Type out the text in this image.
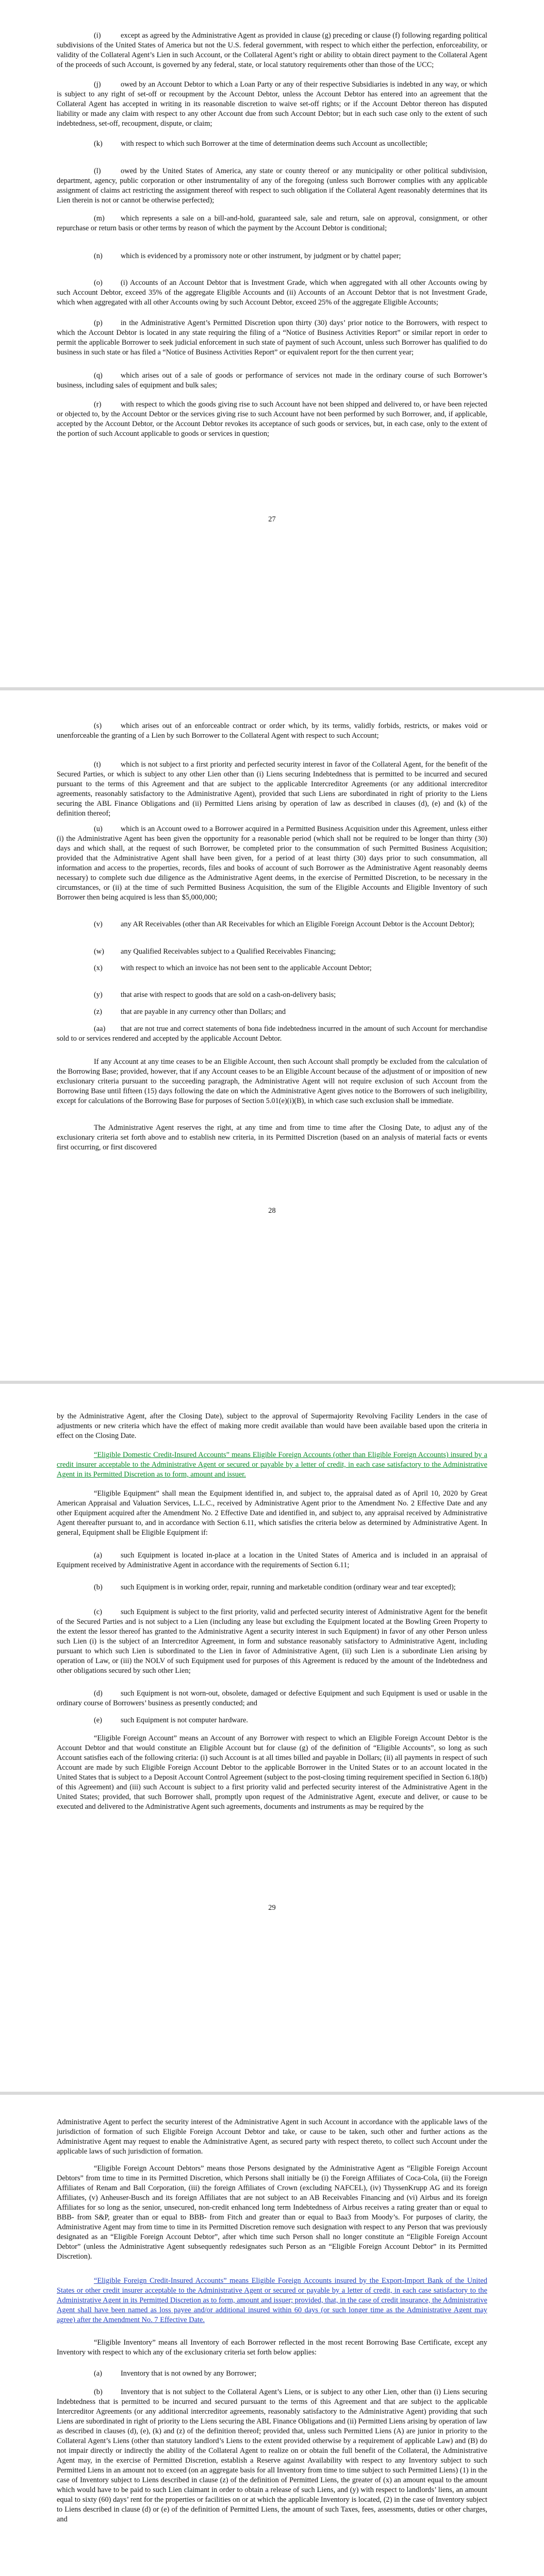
(i)	except as agreed by the Administrative Agent as provided in clause (g) preceding or clause (f) following regarding political subdivisions of the United States of America but not the U.S. federal government, with respect to which either the perfection, enforceability, or validity of the Collateral Agent’s Lien in such Account, or the Collateral Agent’s right or ability to obtain direct payment to the Collateral Agent of the proceeds of such Account, is governed by any federal, state, or local statutory requirements other than those of the UCC;

(j)	owed by an Account Debtor to which a Loan Party or any of their respective Subsidiaries is indebted in any way, or which is subject to any right of set-off or recoupment by the Account Debtor, unless the Account Debtor has entered into an agreement that the Collateral Agent has accepted in writing in its reasonable discretion to waive set-off rights; or if the Account Debtor thereon has disputed liability or made any claim with respect to any other Account due from such Account Debtor; but in each such case only to the extent of such indebtedness, set-off, recoupment, dispute, or claim;

(k) with respect to which such Borrower at the time of determination deems such Account as uncollectible;

(l)	owed by the United States of America, any state or county thereof or any municipality or other political subdivision, department, agency, public corporation or other instrumentality of any of the foregoing (unless such Borrower complies with any applicable assignment of claims act restricting the assignment thereof with respect to such obligation if the Collateral Agent reasonably determines that its Lien therein is not or cannot be otherwise perfected);

(m) which represents a sale on a bill-and-hold, guaranteed sale, sale and return, sale on approval, consignment, or other repurchase or return basis or other terms by reason of which the payment by the Account Debtor is conditional;

(n) which is evidenced by a promissory note or other instrument, by judgment or by chattel paper;

(o) (i) Accounts of an Account Debtor that is Investment Grade, which when aggregated with all other Accounts owing by such Account Debtor, exceed 35% of the aggregate Eligible Accounts and (ii) Accounts of an Account Debtor that is not Investment Grade, which when aggregated with all other Accounts owing by such Account Debtor, exceed 25% of the aggregate Eligible Accounts;

(p) in the Administrative Agent’s Permitted Discretion upon thirty (30) days’ prior notice to the Borrowers, with respect to which the Account Debtor is located in any state requiring the filing of a “Notice of Business Activities Report” or similar report in order to permit the applicable Borrower to seek judicial enforcement in such state of payment of such Account, unless such Borrower has qualified to do business in such state or has filed a “Notice of Business Activities Report” or equivalent report for the then current year;

(q) which arises out of a sale of goods or performance of services not made in the ordinary course of such Borrower’s business, including sales of equipment and bulk sales;

(r)	with respect to which the goods giving rise to such Account have not been shipped and delivered to, or have been rejected or objected to, by the Account Debtor or the services giving rise to such Account have not been performed by such Borrower, and, if applicable, accepted by the Account Debtor, or the Account Debtor revokes its acceptance of such goods or services, but, in each case, only to the extent of the portion of such Account applicable to goods or services in question;

27

(s)	which arises out of an enforceable contract or order which, by its terms, validly forbids, restricts, or makes void or unenforceable the granting of a Lien by such Borrower to the Collateral Agent with respect to such Account;

(t)	which is not subject to a first priority and perfected security interest in favor of the Collateral Agent, for the benefit of the Secured Parties, or which is subject to any other Lien other than (i) Liens securing Indebtedness that is permitted to be incurred and secured pursuant to the terms of this Agreement and that are subject to the applicable Intercreditor Agreements (or any additional intercreditor agreements, reasonably satisfactory to the Administrative Agent), provided that such Liens are subordinated in right of priority to the Liens securing the ABL Finance Obligations and (ii) Permitted Liens arising by operation of law as described in clauses (d), (e) and (k) of the definition thereof;

(u) which is an Account owed to a Borrower acquired in a Permitted Business Acquisition under this Agreement, unless either (i) the Administrative Agent has been given the opportunity for a reasonable period (which shall not be required to be longer than thirty (30) days and which shall, at the request of such Borrower, be completed prior to the consummation of such Permitted Business Acquisition; provided that the Administrative Agent shall have been given, for a period of at least thirty (30) days prior to such consummation, all information and access to the properties, records, files and books of account of such Borrower as the Administrative Agent reasonably deems necessary) to complete such due diligence as the Administrative Agent deems, in the exercise of Permitted Discretion, to be necessary in the circumstances, or (ii) at the time of such Permitted Business Acquisition, the sum of the Eligible Accounts and Eligible Inventory of such Borrower then being acquired is less than $5,000,000;

(v) any AR Receivables (other than AR Receivables for which an Eligible Foreign Account Debtor is the Account Debtor);

(w) any Qualified Receivables subject to a Qualified Receivables Financing;

(x) with respect to which an invoice has not been sent to the applicable Account Debtor;

(y) that arise with respect to goods that are sold on a cash-on-delivery basis;

(z)	that are payable in any currency other than Dollars; and

(aa) that are not true and correct statements of bona fide indebtedness incurred in the amount of such Account for merchandise sold to or services rendered and accepted by the applicable Account Debtor.

If any Account at any time ceases to be an Eligible Account, then such Account shall promptly be excluded from the calculation of the Borrowing Base; provided, however, that if any Account ceases to be an Eligible Account because of the adjustment of or imposition of new exclusionary criteria pursuant to the succeeding paragraph, the Administrative Agent will not require exclusion of such Account from the Borrowing Base until fifteen (15) days following the date on which the Administrative Agent gives notice to the Borrowers of such ineligibility, except for calculations of the Borrowing Base for purposes of Section 5.01(e)(i)(B), in which case such exclusion shall be immediate.

The Administrative Agent reserves the right, at any time and from time to time after the Closing Date, to adjust any of the exclusionary criteria set forth above and to establish new criteria, in its Permitted Discretion (based on an analysis of material facts or events first occurring, or first discovered

28

by the Administrative Agent, after the Closing Date), subject to the approval of Supermajority Revolving Facility Lenders in the case of adjustments or new criteria which have the effect of making more credit available than would have been available based upon the criteria in effect on the Closing Date.

“Eligible Domestic Credit-Insured Accounts” means Eligible Foreign Accounts (other than Eligible Foreign Accounts) insured by a credit insurer acceptable to the Administrative Agent or secured or payable by a letter of credit, in each case satisfactory to the Administrative Agent in its Permitted Discretion as to form, amount and issuer.

“Eligible Equipment” shall mean the Equipment identified in, and subject to, the appraisal dated as of April 10, 2020 by Great American Appraisal and Valuation Services, L.L.C., received by Administrative Agent prior to the Amendment No. 2 Effective Date and any other Equipment acquired after the Amendment No. 2 Effective Date and identified in, and subject to, any appraisal received by Administrative Agent thereafter pursuant to, and in accordance with Section 6.11, which satisfies the criteria below as determined by Administrative Agent. In general, Equipment shall be Eligible Equipment if:

(a)	such Equipment is located in-place at a location in the United States of America and is included in an appraisal of Equipment received by Administrative Agent in accordance with the requirements of Section 6.11;

(b) such Equipment is in working order, repair, running and marketable condition (ordinary wear and tear excepted);

(c)	such Equipment is subject to the first priority, valid and perfected security interest of Administrative Agent for the benefit of the Secured Parties and is not subject to a Lien (including any lease but excluding the Equipment located at the Bowling Green Property to the extent the lessor thereof has granted to the Administrative Agent a security interest in such Equipment) in favor of any other Person unless such Lien (i) is the subject of an Intercreditor Agreement, in form and substance reasonably satisfactory to Administrative Agent, including pursuant to which such Lien is subordinated to the Lien in favor of Administrative Agent, (ii) such Lien is a subordinate Lien arising by operation of Law, or (iii) the NOLV of such Equipment used for purposes of this Agreement is reduced by the amount of the Indebtedness and other obligations secured by such other Lien;

(d) such Equipment is not worn-out, obsolete, damaged or defective Equipment and such Equipment is used or usable in the ordinary course of Borrowers’ business as presently conducted; and

(e)	such Equipment is not computer hardware.

“Eligible Foreign Account” means an Account of any Borrower with respect to which an Eligible Foreign Account Debtor is the Account Debtor and that would constitute an Eligible Account but for clause (g) of the definition of “Eligible Accounts”, so long as such Account satisfies each of the following criteria: (i) such Account is at all times billed and payable in Dollars; (ii) all payments in respect of such Account are made by such Eligible Foreign Account Debtor to the applicable Borrower in the United States or to an account located in the United States that is subject to a Deposit Account Control Agreement (subject to the post-closing timing requirement specified in Section 6.18(b) of this Agreement) and (iii) such Account is subject to a first priority valid and perfected security interest of the Administrative Agent in the United States; provided, that such Borrower shall, promptly upon request of the Administrative Agent, execute and deliver, or cause to be executed and delivered to the Administrative Agent such agreements, documents and instruments as may be required by the

29

Administrative Agent to perfect the security interest of the Administrative Agent in such Account in accordance with the applicable laws of the jurisdiction of formation of such Eligible Foreign Account Debtor and take, or cause to be taken, such other and further actions as the Administrative Agent may request to enable the Administrative Agent, as secured party with respect thereto, to collect such Account under the applicable laws of such jurisdiction of formation.

“Eligible Foreign Account Debtors” means those Persons designated by the Administrative Agent as “Eligible Foreign Account Debtors” from time to time in its Permitted Discretion, which Persons shall initially be (i) the Foreign Affiliates of Coca-Cola, (ii) the Foreign Affiliates of Renam and Ball Corporation, (iii) the foreign Affiliates of Crown (excluding NAFCEL), (iv) ThyssenKrupp AG and its foreign Affiliates, (v) Anheuser-Busch and its foreign Affiliates that are not subject to an AB Receivables Financing and (vi) Airbus and its foreign Affiliates for so long as the senior, unsecured, non-credit enhanced long term Indebtedness of Airbus receives a rating greater than or equal to BBB- from S&P, greater than or equal to BBB- from Fitch and greater than or equal to Baa3 from Moody’s. For purposes of clarity, the Administrative Agent may from time to time in its Permitted Discretion remove such designation with respect to any Person that was previously designated as an “Eligible Foreign Account Debtor”, after which time such Person shall no longer constitute an “Eligible Foreign Account Debtor” (unless the Administrative Agent subsequently redesignates such Person as an “Eligible Foreign Account Debtor” in its Permitted Discretion).

“Eligible Foreign Credit-Insured Accounts” means Eligible Foreign Accounts insured by the Export-Import Bank of the United States or other credit insurer acceptable to the Administrative Agent or secured or payable by a letter of credit, in each case satisfactory to the Administrative Agent in its Permitted Discretion as to form, amount and issuer; provided, that, in the case of credit insurance, the Administrative Agent shall have been named as loss payee and/or additional insured within 60 days (or such longer time as the Administrative Agent may agree) after the Amendment No. 7 Effective Date.

“Eligible Inventory” means all Inventory of each Borrower reflected in the most recent Borrowing Base Certificate, except any Inventory with respect to which any of the exclusionary criteria set forth below applies:

(a)	Inventory that is not owned by any Borrower;

(b) Inventory that is not subject to the Collateral Agent’s Liens, or is subject to any other Lien, other than (i) Liens securing Indebtedness that is permitted to be incurred and secured pursuant to the terms of this Agreement and that are subject to the applicable Intercreditor Agreements (or any additional intercreditor agreements, reasonably satisfactory to the Administrative Agent) providing that such Liens are subordinated in right of priority to the Liens securing the ABL Finance Obligations and (ii) Permitted Liens arising by operation of law as described in clauses (d), (e), (k) and (z) of the definition thereof; provided that, unless such Permitted Liens (A) are junior in priority to the Collateral Agent’s Liens (other than statutory landlord’s Liens to the extent provided otherwise by a requirement of applicable Law) and (B) do not impair directly or indirectly the ability of the Collateral Agent to realize on or obtain the full benefit of the Collateral, the Administrative Agent may, in the exercise of Permitted Discretion, establish a Reserve against Availability with respect to any Inventory subject to such Permitted Liens in an amount not to exceed (on an aggregate basis for all Inventory from time to time subject to such Permitted Liens) (1) in the case of Inventory subject to Liens described in clause (z) of the definition of Permitted Liens, the greater of (x) an amount equal to the amount which would have to be paid to such Lien claimant in order to obtain a release of such Liens, and (y) with respect to landlords’ liens, an amount equal to sixty (60) days’ rent for the properties or facilities on or at which the applicable Inventory is located, (2) in the case of Inventory subject to Liens described in clause (d) or (e) of the definition of Permitted Liens, the amount of such Taxes, fees, assessments, duties or other charges, and
